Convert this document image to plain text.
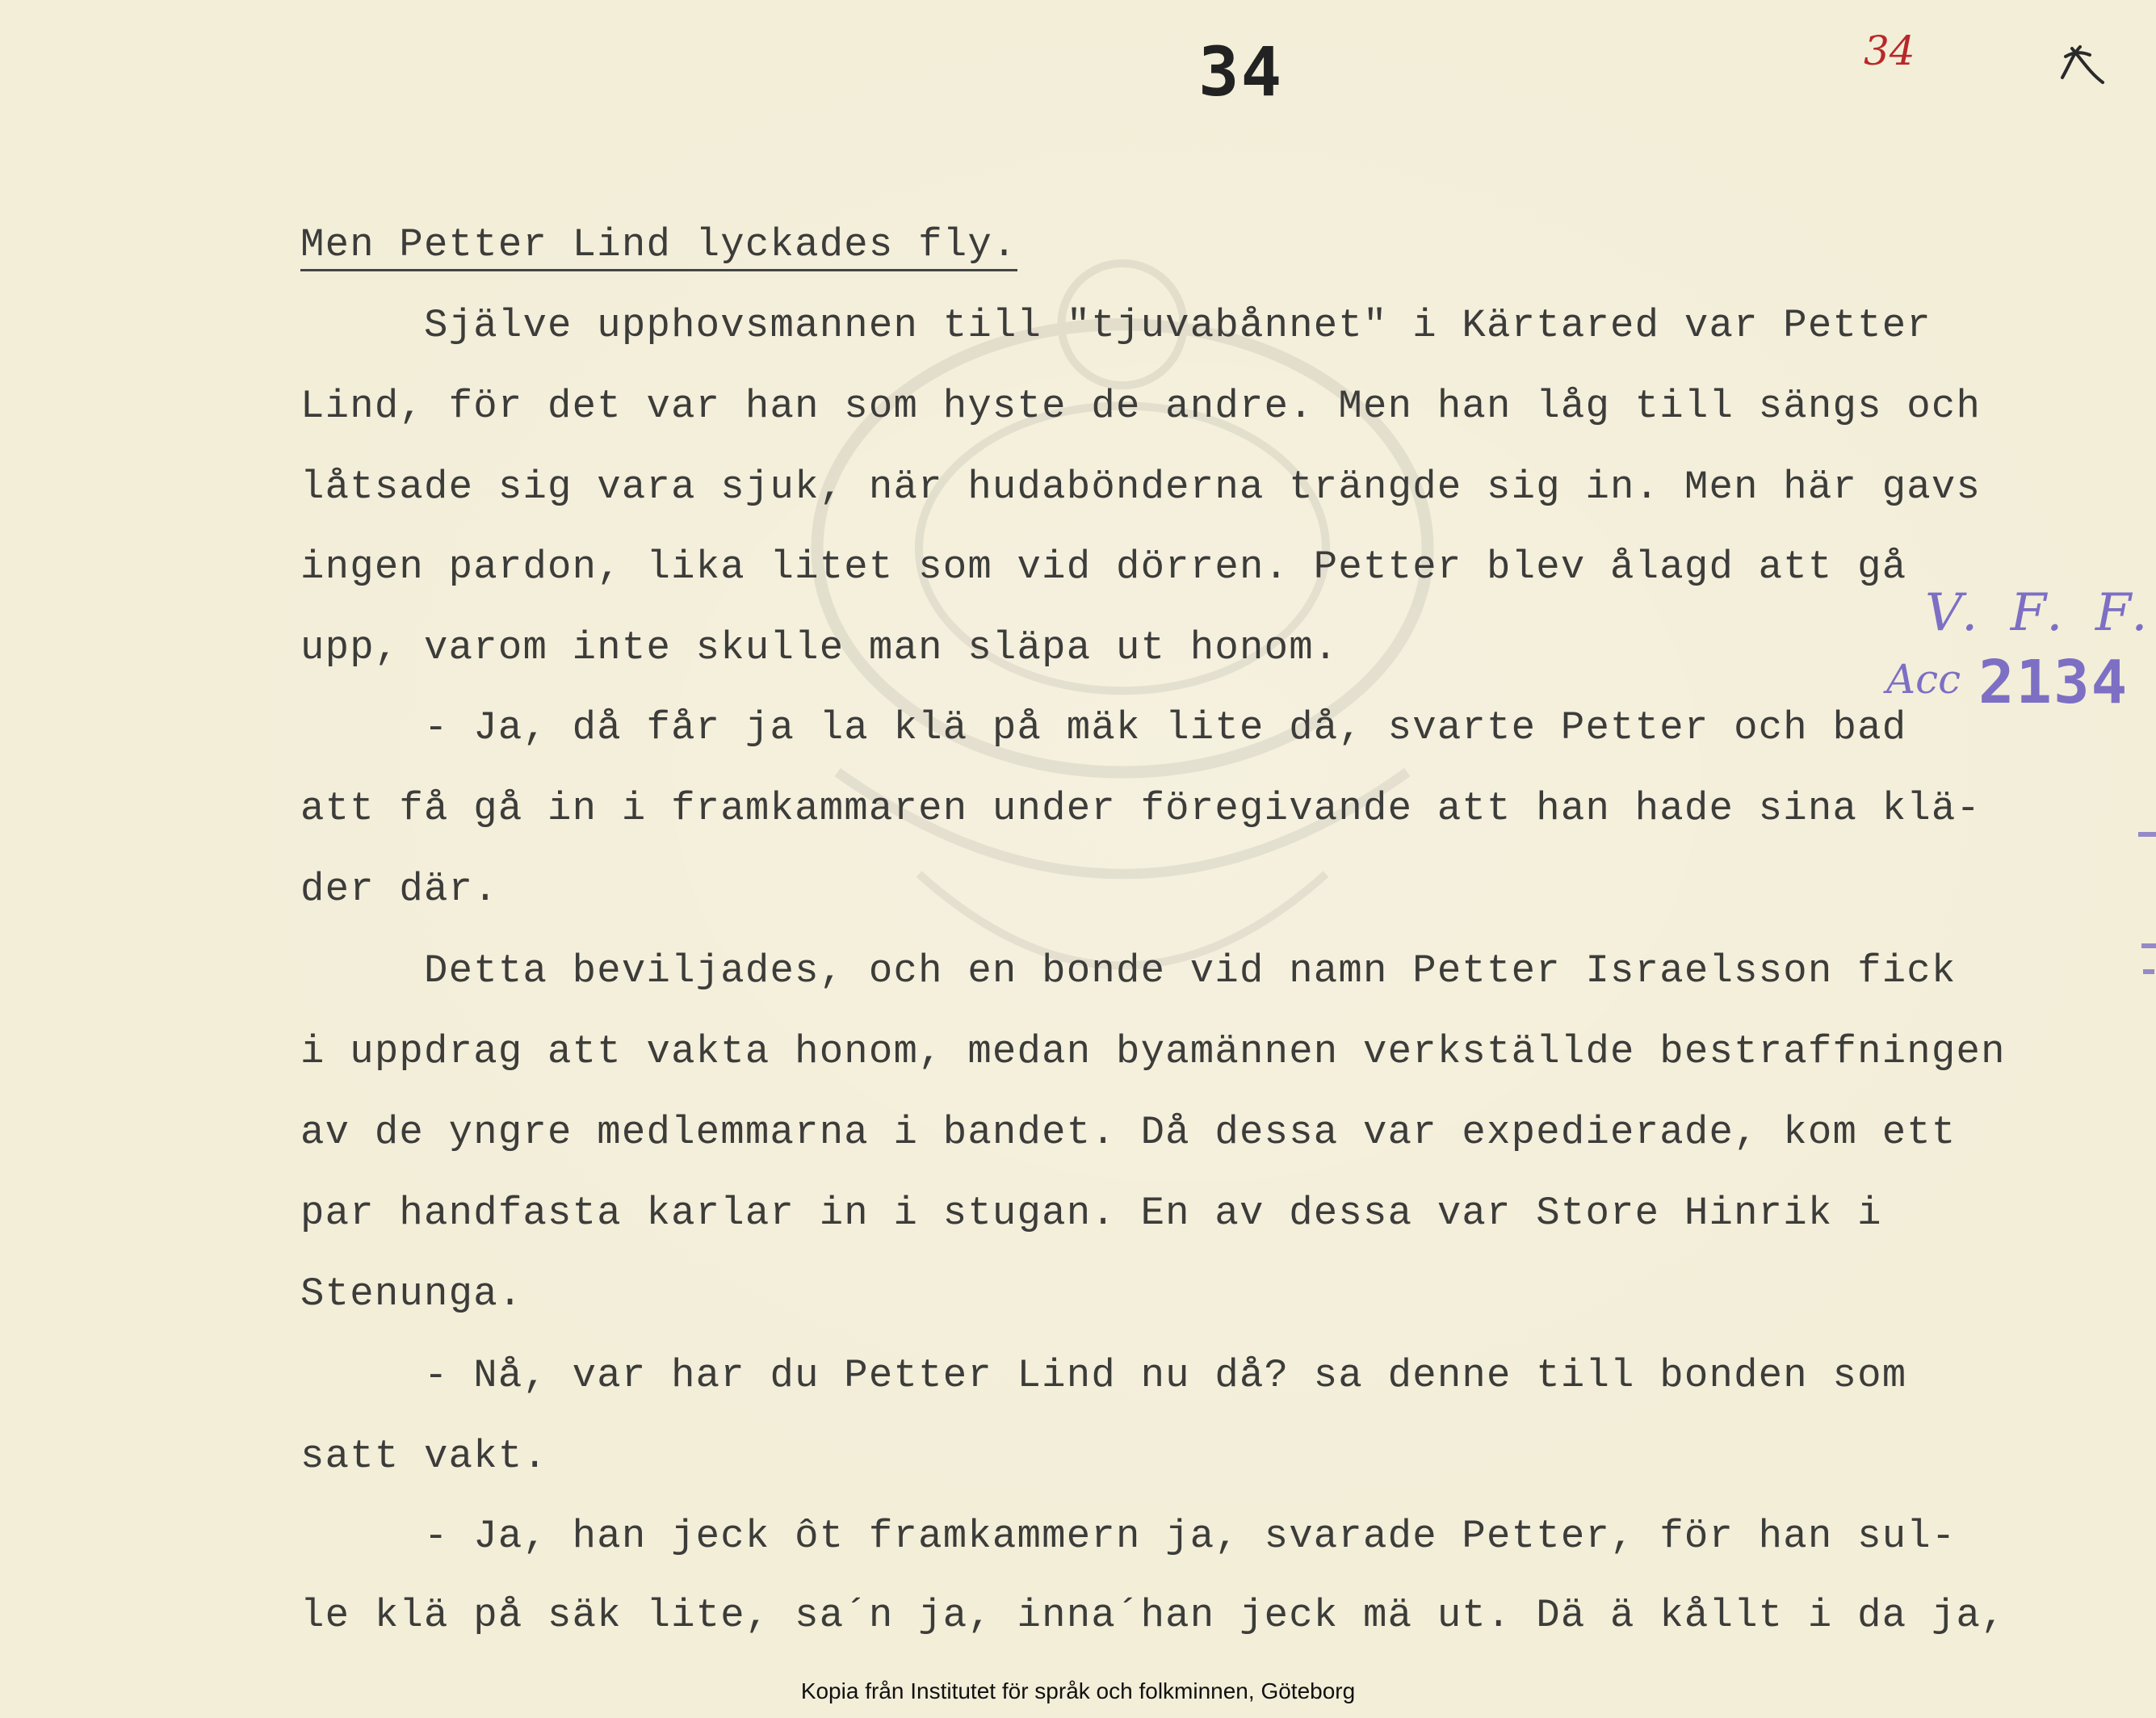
34	34
Men Petter Lind lyckades fly.
Själve upphovsmannen till "tjuvabånnet" i Kärtared var Petter
Lind, för det var han som hyste de andre. Men han låg till sängs och
låtsade sig vara sjuk, när hudabönderna trängde sig in. Men här gavs
ingen pardon, lika litet som vid dörren. Petter blev ålagd att gå
upp, varom inte skulle man släpa ut honom.
- Ja, då får ja la klä på mäk lite då, svarte Petter och bad
att få gå in i framkammaren under föregivande att han hade sina klä-
der där.
Detta beviljades, och en bonde vid namn Petter Israelsson fick
i uppdrag att vakta honom, medan byamännen verkställde bestraffningen
av de yngre medlemmarna i bandet. Då dessa var expedierade, kom ett
par handfasta karlar in i stugan. En av dessa var Store Hinrik i
Stenunga.
- Nå, var har du Petter Lind nu då? sa denne till bonden som
satt vakt.
- Ja, han jeck ôt framkammern ja, svarade Petter, för han sul-
le klä på säk lite, sa´n ja, inna´han jeck mä ut. Dä ä kållt i da ja,
V. F. F.
Acc 2134
Kopia från Institutet för språk och folkminnen, Göteborg
